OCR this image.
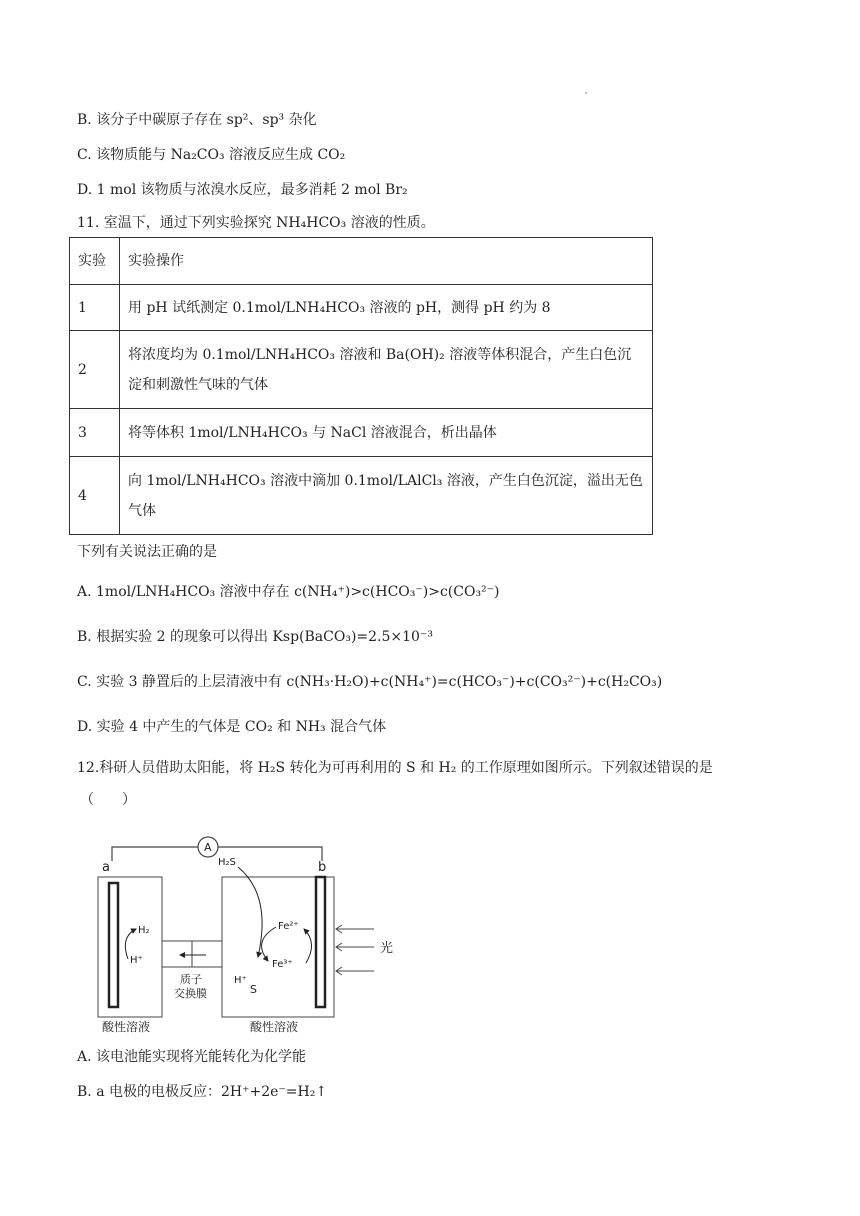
B. 该分子中碳原子存在 sp²、sp³ 杂化
C. 该物质能与 Na₂CO₃ 溶液反应生成 CO₂
D. 1 mol 该物质与浓溴水反应，最多消耗 2 mol Br₂
11. 室温下，通过下列实验探究 NH₄HCO₃ 溶液的性质。
实验	实验操作
1	用 pH 试纸测定 0.1mol/LNH₄HCO₃ 溶液的 pH，测得 pH 约为 8
2	将浓度均为 0.1mol/LNH₄HCO₃ 溶液和 Ba(OH)₂ 溶液等体积混合，产生白色沉淀和刺激性气味的气体
3	将等体积 1mol/LNH₄HCO₃ 与 NaCl 溶液混合，析出晶体
4	向 1mol/LNH₄HCO₃ 溶液中滴加 0.1mol/LAlCl₃ 溶液，产生白色沉淀，溢出无色气体
下列有关说法正确的是
A. 1mol/LNH₄HCO₃ 溶液中存在 c(NH₄⁺)>c(HCO₃⁻)>c(CO₃²⁻)
B. 根据实验 2 的现象可以得出 Ksp(BaCO₃)=2.5×10⁻³
C. 实验 3 静置后的上层清液中有 c(NH₃·H₂O)+c(NH₄⁺)=c(HCO₃⁻)+c(CO₃²⁻)+c(H₂CO₃)
D. 实验 4 中产生的气体是 CO₂ 和 NH₃ 混合气体
12.科研人员借助太阳能，将 H₂S 转化为可再利用的 S 和 H₂ 的工作原理如图所示。下列叙述错误的是
（　　）
A
a	b
质子
交换膜
H₂
H⁺
酸性溶液
H₂S
Fe²⁺
Fe³⁺
H⁺
S
酸性溶液
光
A. 该电池能实现将光能转化为化学能
B. a 电极的电极反应：2H⁺+2e⁻=H₂↑
